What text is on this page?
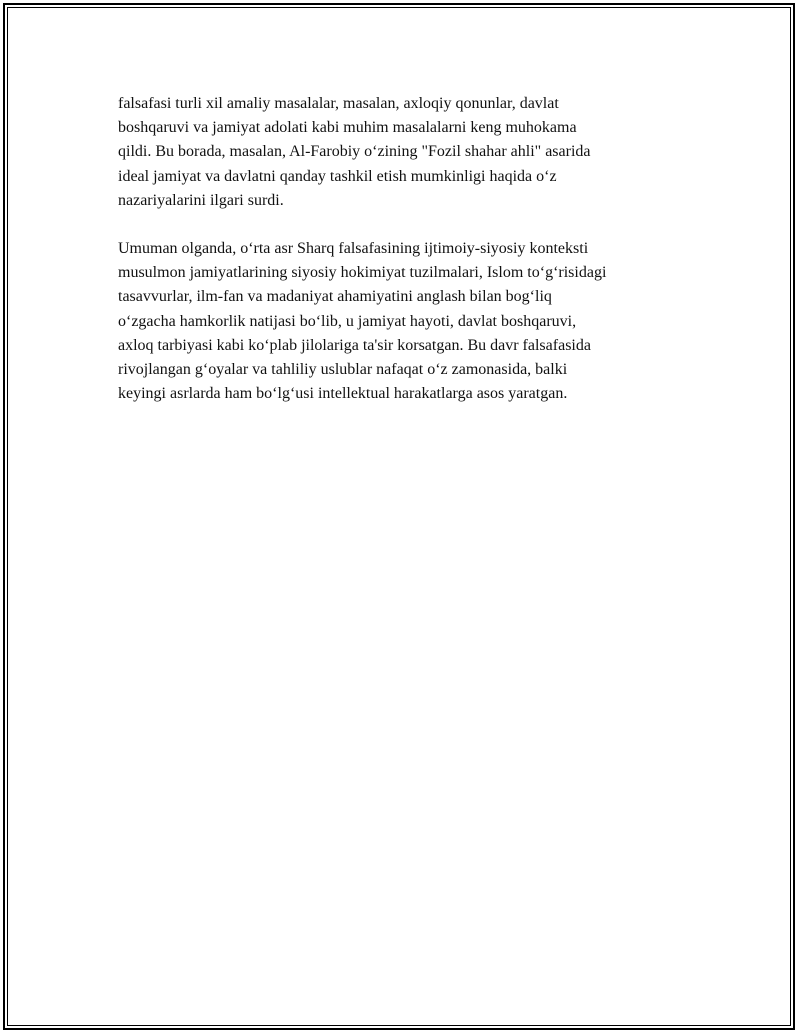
falsafasi turli xil amaliy masalalar, masalan, axloqiy qonunlar, davlat
boshqaruvi va jamiyat adolati kabi muhim masalalarni keng muhokama
qildi. Bu borada, masalan, Al-Farobiy o‘zining "Fozil shahar ahli" asarida
ideal jamiyat va davlatni qanday tashkil etish mumkinligi haqida o‘z
nazariyalarini ilgari surdi.

Umuman olganda, o‘rta asr Sharq falsafasining ijtimoiy-siyosiy konteksti
musulmon jamiyatlarining siyosiy hokimiyat tuzilmalari, Islom to‘g‘risidagi
tasavvurlar, ilm-fan va madaniyat ahamiyatini anglash bilan bog‘liq
o‘zgacha hamkorlik natijasi bo‘lib, u jamiyat hayoti, davlat boshqaruvi,
axloq tarbiyasi kabi ko‘plab jilolariga ta'sir korsatgan. Bu davr falsafasida
rivojlangan g‘oyalar va tahliliy uslublar nafaqat o‘z zamonasida, balki
keyingi asrlarda ham bo‘lg‘usi intellektual harakatlarga asos yaratgan.
